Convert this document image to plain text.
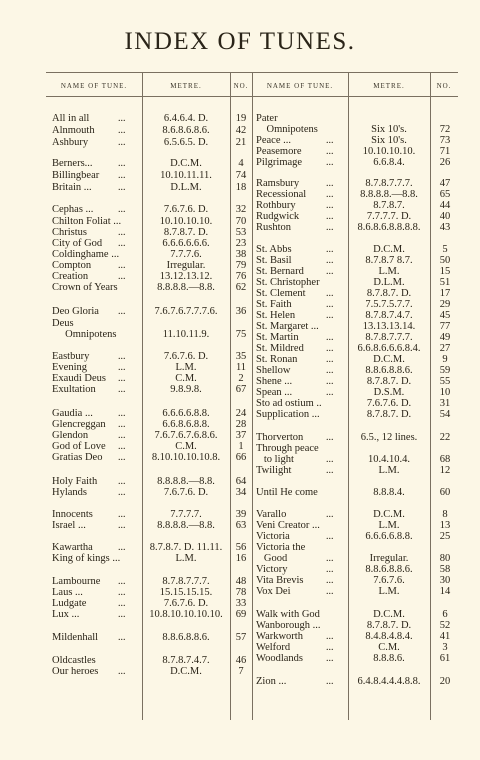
INDEX OF TUNES.
NAME OF TUNE.	METRE.	NO.	NAME OF TUNE.	METRE.	NO.
All in all	...	6.4.6.4. D.	19
Alnmouth ...	8.6.8.6.8.6.	42
Ashbury	...	6.5.6.5. D.	21
Berners...	...	D.C.M.	4
Billingbear ...	10.10.11.11.	74
Britain ...	...	D.L.M.	18
Cephas ... ...	7.6.7.6. D.	32
Chilton Foliat ...	10.10.10.10.	70
Christus	...	8.7.8.7. D.	53
City of God ...	6.6.6.6.6.6.	23
Coldinghame ...	7.7.7.6.	38
Compton	...	Irregular.	79
Creation	...	13.12.13.12.	76
Crown of Years	8.8.8.8.—8.8.	62
Deo Gloria ...	7.6.7.6.7.7.7.6.	36
Deus
Omnipotens	11.10.11.9.	75
Eastbury	...	7.6.7.6. D.	35
Evening	...	L.M.	11
Exaudi Deus ...	C.M.	2
Exultation ...	9.8.9.8.	67
Gaudia ...	...	6.6.6.6.8.8.	24
Glencreggan ...	6.6.8.6.8.8.	28
Glendon	...	7.6.7.6.7.6.8.6.	37
God of Love ...	C.M.	1
Gratias Deo ...	8.10.10.10.10.8.	66
Holy Faith ...	8.8.8.8.—8.8.	64
Hylands	...	7.6.7.6. D.	34
Innocents	...	7.7.7.7.	39
Israel ...	...	8.8.8.8.—8.8.	63
Kawartha	...	8.7.8.7. D. 11.11.	56
King of kings ...	L.M.	16
Lambourne ...	8.7.8.7.7.7.	48
Laus ...	...	15.15.15.15.	78
Ludgate	...	7.6.7.6. D.	33
Lux ...	...	10.8.10.10.10.10.	69
Mildenhall ...	8.8.6.8.8.6.	57
Oldcastles	8.7.8.7.4.7.	46
Our heroes ...	D.C.M.	7
Pater
Omnipotens	Six 10's.	72
Peace ...	...	Six 10's.	73
Peasemore ...	10.10.10.10.	71
Pilgrimage ...	6.6.8.4.	26
Ramsbury	...	8.7.8.7.7.7.	47
Recessional ...	8.8.8.8.—8.8.	65
Rothbury	...	8.7.8.7.	44
Rudgwick	...	7.7.7.7. D.	40
Rushton	...	8.6.8.6.8.8.8.8.	43
St. Abbs	...	D.C.M.	5
St. Basil	...	8.7.8.7 8.7.	50
St. Bernard ...	L.M.	15
St. Christopher	D.L.M.	51
St. Clement ...	8.7.8.7. D.	17
St. Faith	...	7.5.7.5.7.7.	29
St. Helen	...	8.7.8.7.4.7.	45
St. Margaret ...	13.13.13.14.	77
St. Martin	...	8.7.8.7.7.7.	49
St. Mildred ...	6.6.8.6.6.6.8.4.	27
St. Ronan	...	D.C.M.	9
Shellow	...	8.8.6.8.8.6.	59
Shene ...	...	8.7.8.7. D.	55
Spean ...	...	D.S.M.	10
Sto ad ostium ..	7.6.7.6. D.	31
Supplication ...	8.7.8.7. D.	54
Thorverton ...	6.5., 12 lines.	22
Through peace
to light	...	10.4.10.4.	68
Twilight	...	L.M.	12
Until He come	8.8.8.4.	60
Varallo	...	D.C.M.	8
Veni Creator ...	L.M.	13
Victoria	...	6.6.6.6.8.8.	25
Victoria the
Good	...	Irregular.	80
Victory	...	8.8.6.8.8.6.	58
Vita Brevis ...	7.6.7.6.	30
Vox Dei	...	L.M.	14
Walk with God	D.C.M.	6
Wanborough ...	8.7.8.7. D.	52
Warkworth ...	8.4.8.4.8.4.	41
Welford	...	C.M.	3
Woodlands ...	8.8.8.6.	61
Zion ...	...	6.4.8.4.4.4.8.8.	20
